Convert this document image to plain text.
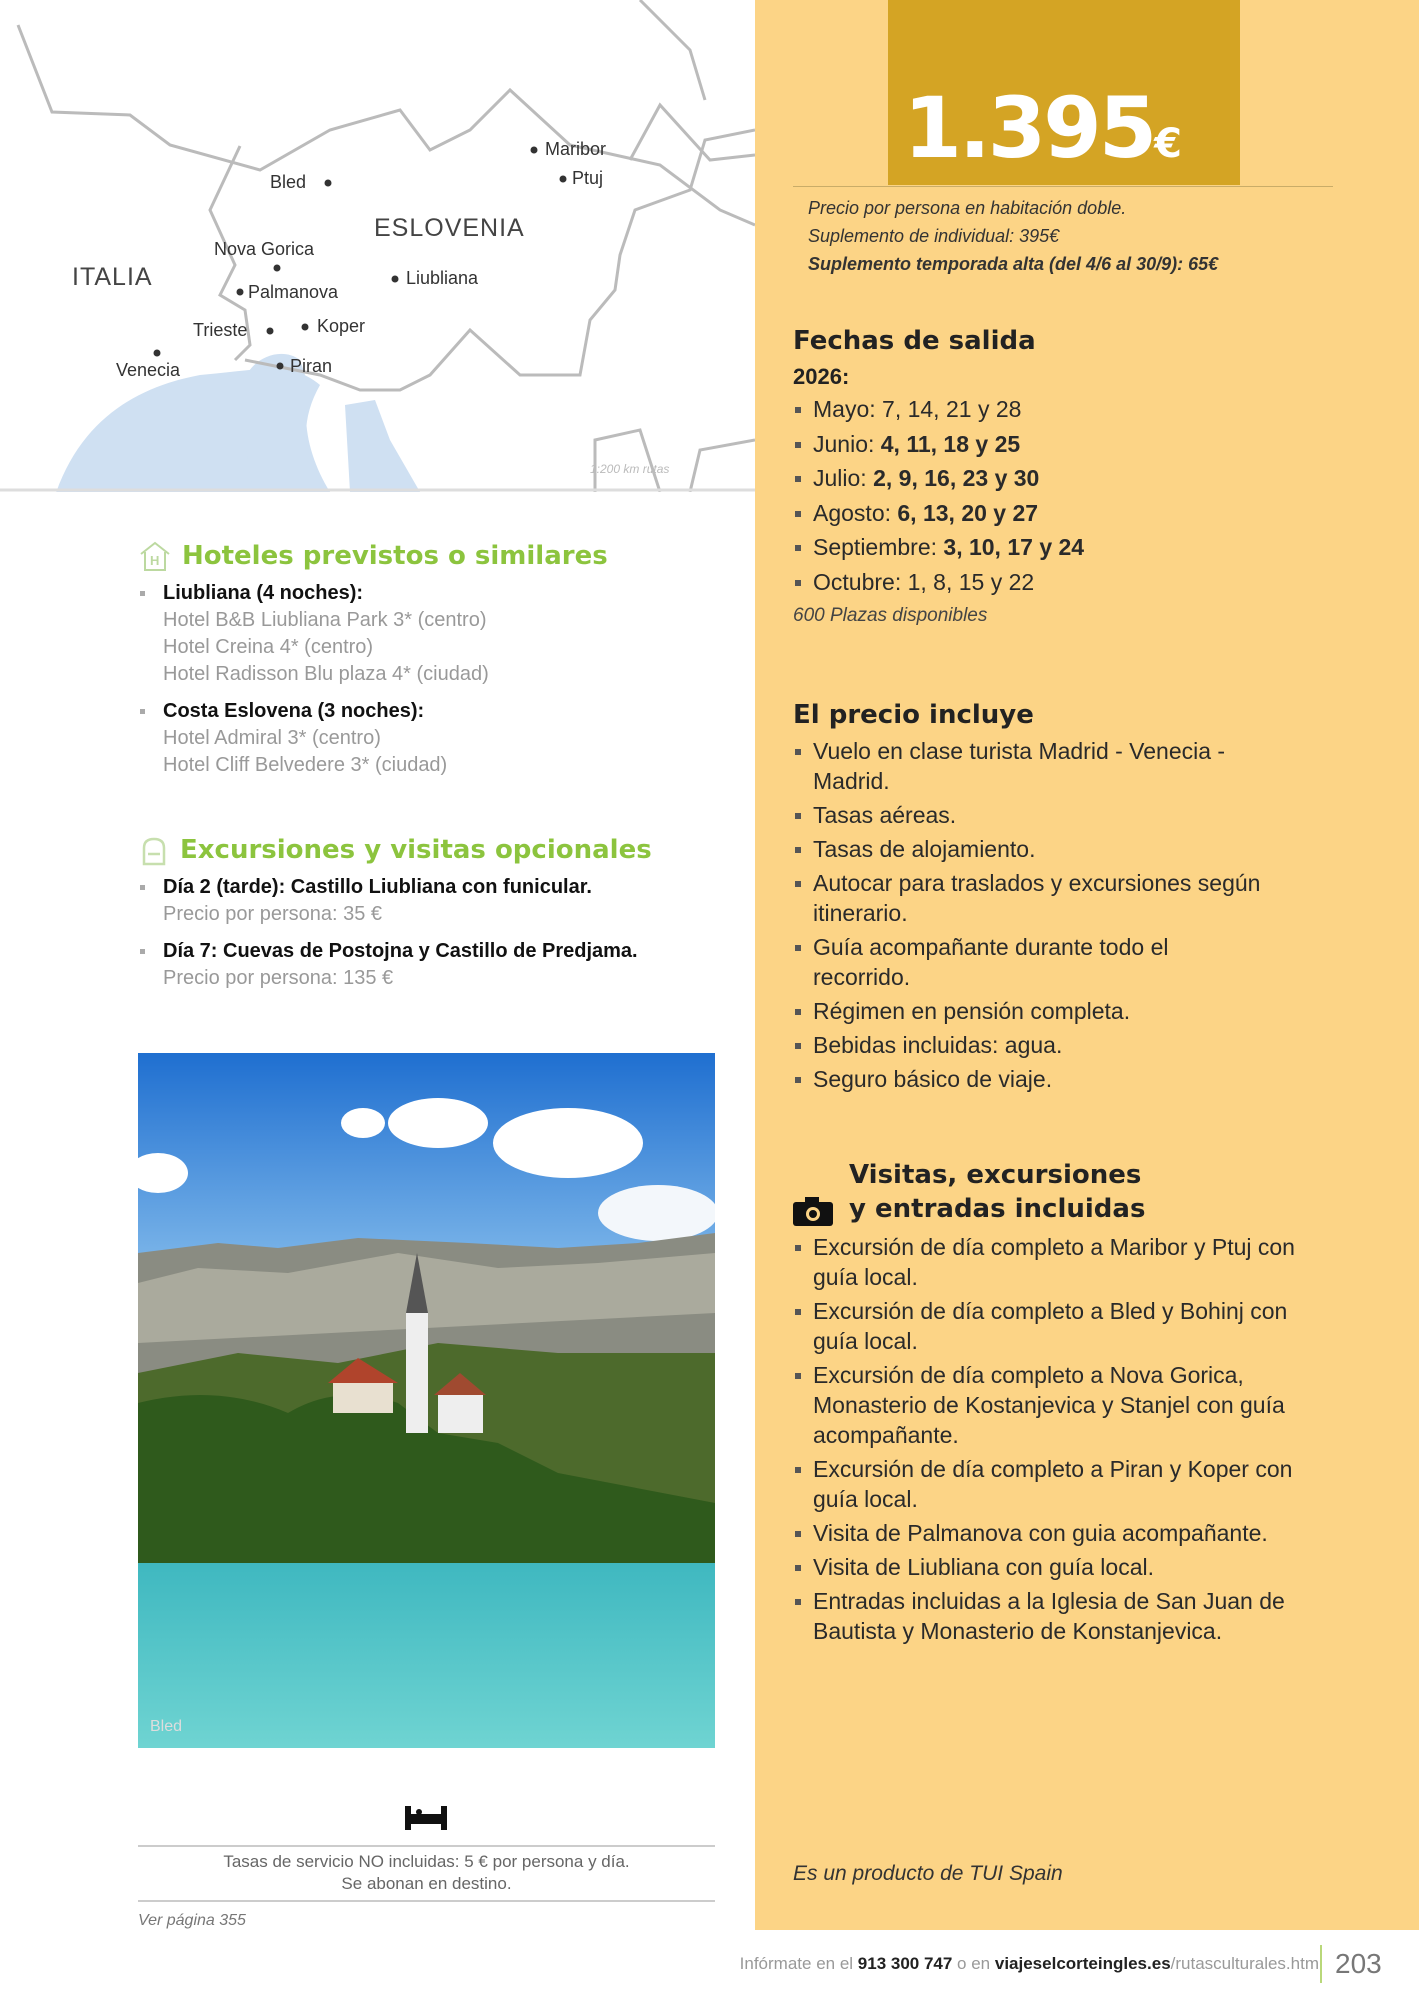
ITALIA
ESLOVENIA
Maribor
Ptuj
Bled
Nova Gorica
Palmanova
Liubliana
Trieste	Koper
Venecia	Piran
1:200 km rutas
1.395€
Precio por persona en habitación doble.
Suplemento de individual: 395€
Suplemento temporada alta (del 4/6 al 30/9): 65€
Fechas de salida
2026:
Mayo: 7, 14, 21 y 28
Junio: 4, 11, 18 y 25
Julio: 2, 9, 16, 23 y 30
Agosto: 6, 13, 20 y 27
Septiembre: 3, 10, 17 y 24
Octubre: 1, 8, 15 y 22
600 Plazas disponibles
El precio incluye
Vuelo en clase turista Madrid - Venecia - Madrid.
Tasas aéreas.
Tasas de alojamiento.
Autocar para traslados y excursiones según itinerario.
Guía acompañante durante todo el recorrido.
Régimen en pensión completa.
Bebidas incluidas: agua.
Seguro básico de viaje.
Visitas, excursiones
y entradas incluidas
Excursión de día completo a Maribor y Ptuj con guía local.
Excursión de día completo a Bled y Bohinj con guía local.
Excursión de día completo a Nova Gorica, Monasterio de Kostanjevica y Stanjel con guía acompañante.
Excursión de día completo a Piran y Koper con guía local.
Visita de Palmanova con guia acompañante.
Visita de Liubliana con guía local.
Entradas incluidas a la Iglesia de San Juan de Bautista y Monasterio de Konstanjevica.
Es un producto de TUI Spain
H Hoteles previstos o similares
Liubliana (4 noches):
Hotel B&B Liubliana Park 3* (centro)
Hotel Creina 4* (centro)
Hotel Radisson Blu plaza 4* (ciudad)
Costa Eslovena (3 noches):
Hotel Admiral 3* (centro)
Hotel Cliff Belvedere 3* (ciudad)
Excursiones y visitas opcionales
Día 2 (tarde): Castillo Liubliana con funicular.
Precio por persona: 35 €
Día 7: Cuevas de Postojna y Castillo de Predjama.
Precio por persona: 135 €
Bled
Tasas de servicio NO incluidas: 5 € por persona y día.
Se abonan en destino.
Ver página 355
Infórmate en el 913 300 747 o en viajeselcorteingles.es/rutasculturales.htm 203
